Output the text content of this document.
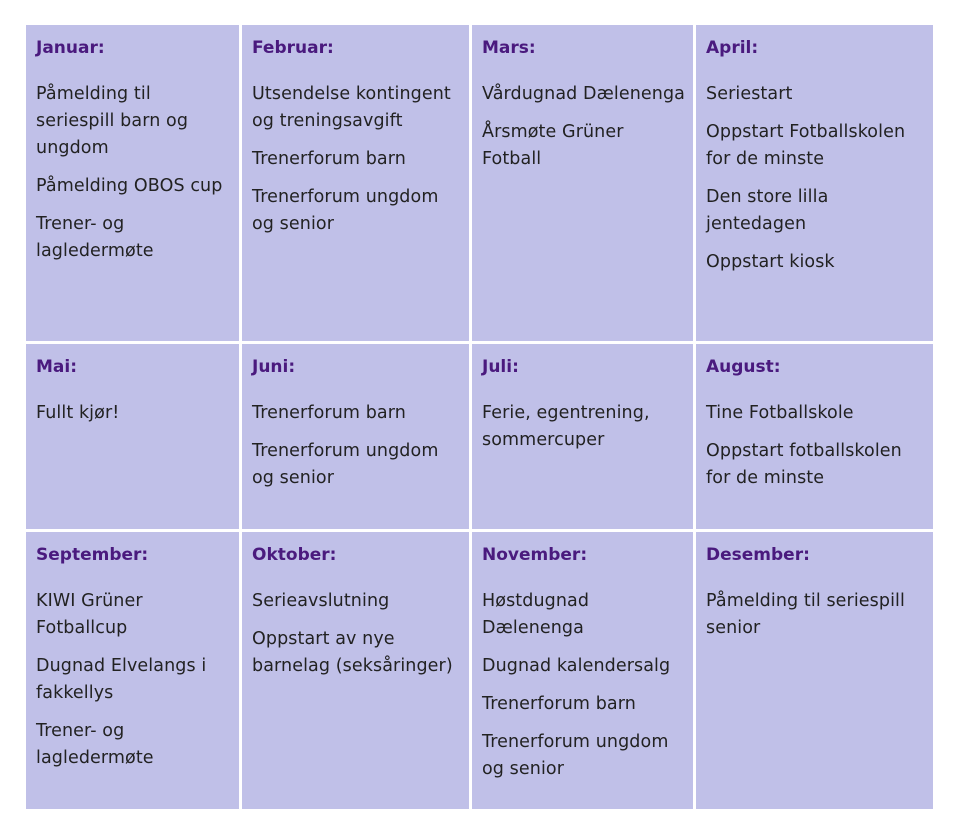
Januar:
Påmelding til seriespill barn og ungdom
Påmelding OBOS cup
Trener- og lagledermøte
Februar:
Utsendelse kontingent og treningsavgift
Trenerforum barn
Trenerforum ungdom og senior
Mars:
Vårdugnad Dælenenga
Årsmøte Grüner Fotball
April:
Seriestart
Oppstart Fotballskolen for de minste
Den store lilla jentedagen
Oppstart kiosk
Mai:
Fullt kjør!
Juni:
Trenerforum barn
Trenerforum ungdom og senior
Juli:
Ferie, egentrening, sommercuper
August:
Tine Fotballskole
Oppstart fotballskolen for de minste
September:
KIWI Grüner Fotballcup
Dugnad Elvelangs i fakkellys
Trener- og lagledermøte
Oktober:
Serieavslutning
Oppstart av nye barnelag (seksåringer)
November:
Høstdugnad Dælenenga
Dugnad kalendersalg
Trenerforum barn
Trenerforum ungdom og senior
Desember:
Påmelding til seriespill senior
